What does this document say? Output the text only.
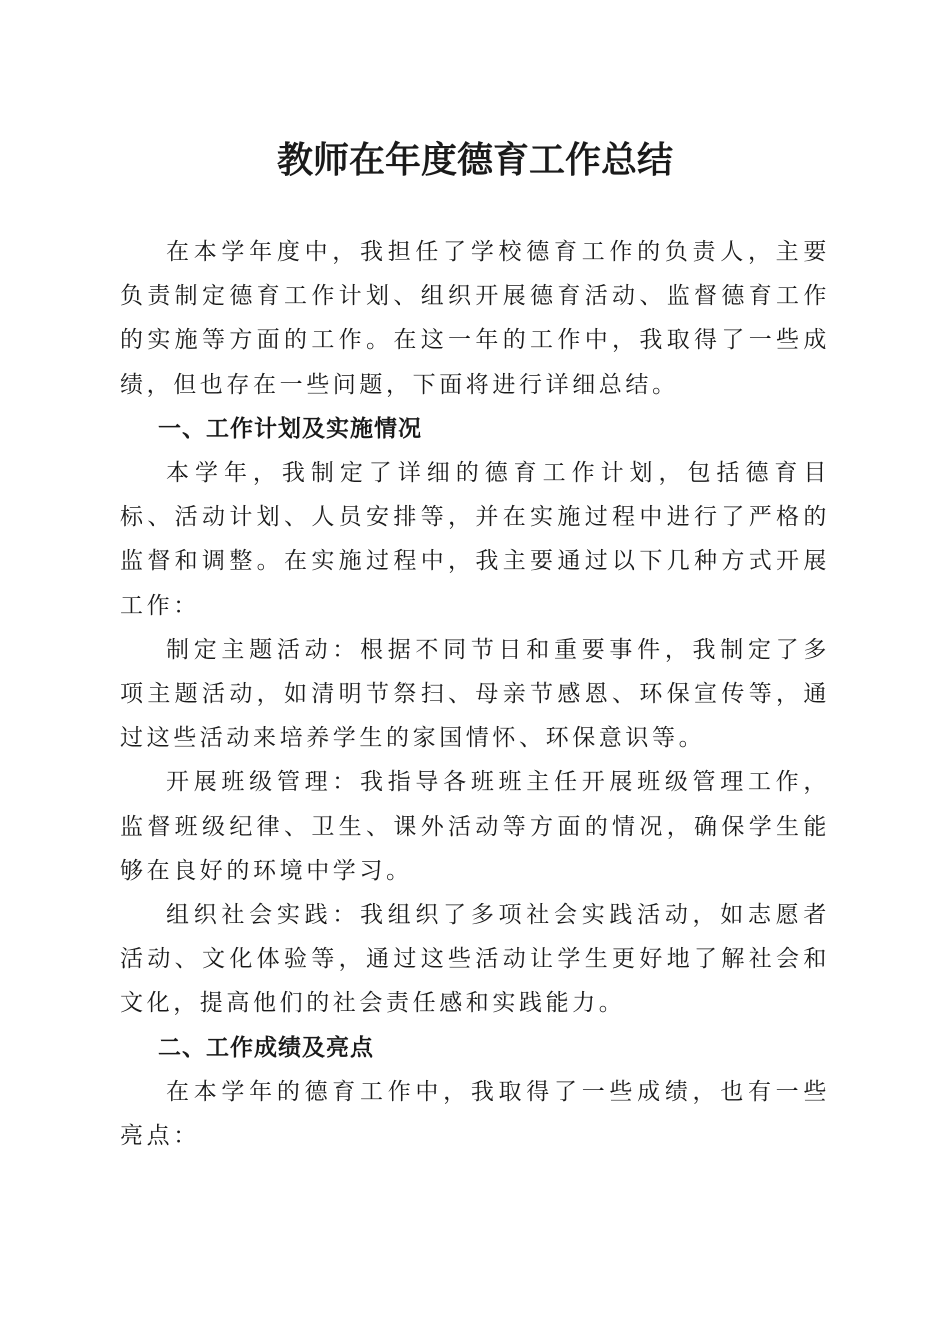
教师在年度德育工作总结

在本学年度中，我担任了学校德育工作的负责人，主要负责制定德育工作计划、组织开展德育活动、监督德育工作的实施等方面的工作。在这一年的工作中，我取得了一些成绩，但也存在一些问题，下面将进行详细总结。

一、工作计划及实施情况

本学年，我制定了详细的德育工作计划，包括德育目标、活动计划、人员安排等，并在实施过程中进行了严格的监督和调整。在实施过程中，我主要通过以下几种方式开展工作：

制定主题活动：根据不同节日和重要事件，我制定了多项主题活动，如清明节祭扫、母亲节感恩、环保宣传等，通过这些活动来培养学生的家国情怀、环保意识等。

开展班级管理：我指导各班班主任开展班级管理工作，监督班级纪律、卫生、课外活动等方面的情况，确保学生能够在良好的环境中学习。

组织社会实践：我组织了多项社会实践活动，如志愿者活动、文化体验等，通过这些活动让学生更好地了解社会和文化，提高他们的社会责任感和实践能力。

二、工作成绩及亮点

在本学年的德育工作中，我取得了一些成绩，也有一些亮点：
